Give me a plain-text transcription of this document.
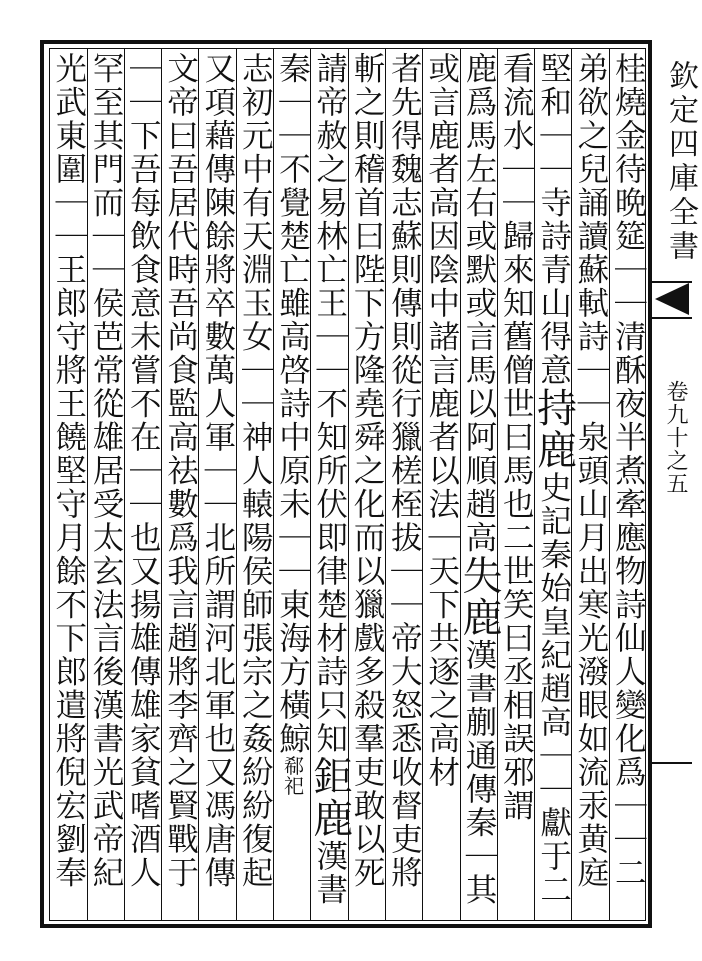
桂燒金待晩筵｜｜清酥夜半煮牽應物詩仙人變化爲｜｜二
弟欲之兒誦讀蘇軾詩｜｜泉頭山月出寒光潑眼如流汞黄庭
堅和｜｜寺詩青山得意持鹿史記秦始皇紀趙高｜｜獻于二
看流水｜｜歸來知舊僧世曰馬也二世笑曰丞相誤邪謂
鹿爲馬左右或默或言馬以阿順趙高失鹿漢書蒯通傳秦｜其
或言鹿者高因陰中諸言鹿者以法｜天下共逐之高材
者先得魏志蘇則傳則從行獵槎桎拔｜｜帝大怒悉收督吏將
斬之則稽首曰陛下方隆堯舜之化而以獵戲多殺羣吏敢以死
請帝赦之易林亡王｜｜不知所伏即律楚材詩只知鉅鹿漢書
秦｜｜不覺楚亡雖高啓詩中原未｜｜東海方橫鯨郗祀
志初元中有天淵玉女｜｜神人轅陽侯師張宗之姦紛紛復起
又項藉傳陳餘將卒數萬人軍｜｜北所謂河北軍也又馮唐傳
文帝曰吾居代時吾尚食監高祛數爲我言趙將李齊之賢戰于
｜｜下吾每飲食意未嘗不在｜｜也又揚雄傳雄家貧嗜酒人
罕至其門而｜｜侯芭常從雄居受太玄法言後漢書光武帝紀
光武東圍｜｜王郎守將王饒堅守月餘不下郎遣將倪宏劉奉	欽定四庫全書
卷九十之五
